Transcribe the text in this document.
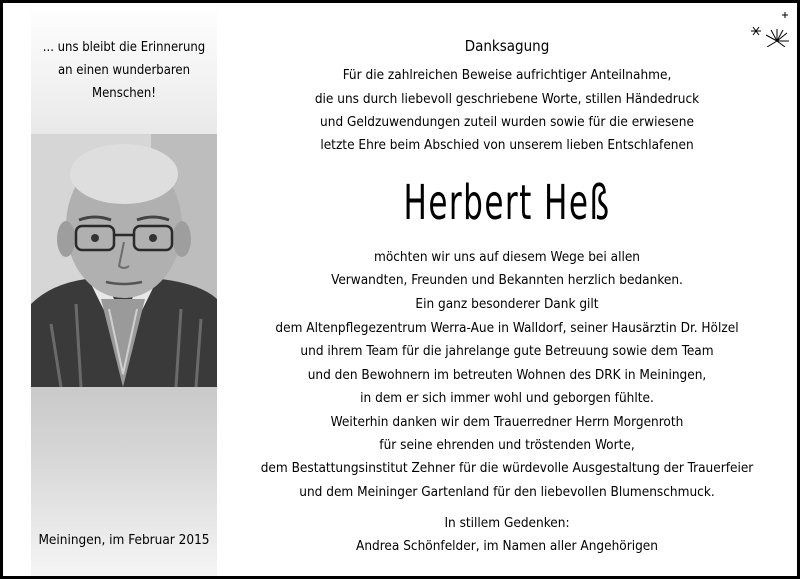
... uns bleibt die Erinnerung
an einen wunderbaren
Menschen!
Meiningen, im Februar 2015
Danksagung
Für die zahlreichen Beweise aufrichtiger Anteilnahme,
die uns durch liebevoll geschriebene Worte, stillen Händedruck
und Geldzuwendungen zuteil wurden sowie für die erwiesene
letzte Ehre beim Abschied von unserem lieben Entschlafenen
Herbert Heß
möchten wir uns auf diesem Wege bei allen
Verwandten, Freunden und Bekannten herzlich bedanken.
Ein ganz besonderer Dank gilt
dem Altenpflegezentrum Werra-Aue in Walldorf, seiner Hausärztin Dr. Hölzel
und ihrem Team für die jahrelange gute Betreuung sowie dem Team
und den Bewohnern im betreuten Wohnen des DRK in Meiningen,
in dem er sich immer wohl und geborgen fühlte.
Weiterhin danken wir dem Trauerredner Herrn Morgenroth
für seine ehrenden und tröstenden Worte,
dem Bestattungsinstitut Zehner für die würdevolle Ausgestaltung der Trauerfeier
und dem Meininger Gartenland für den liebevollen Blumenschmuck.
In stillem Gedenken:
Andrea Schönfelder, im Namen aller Angehörigen
